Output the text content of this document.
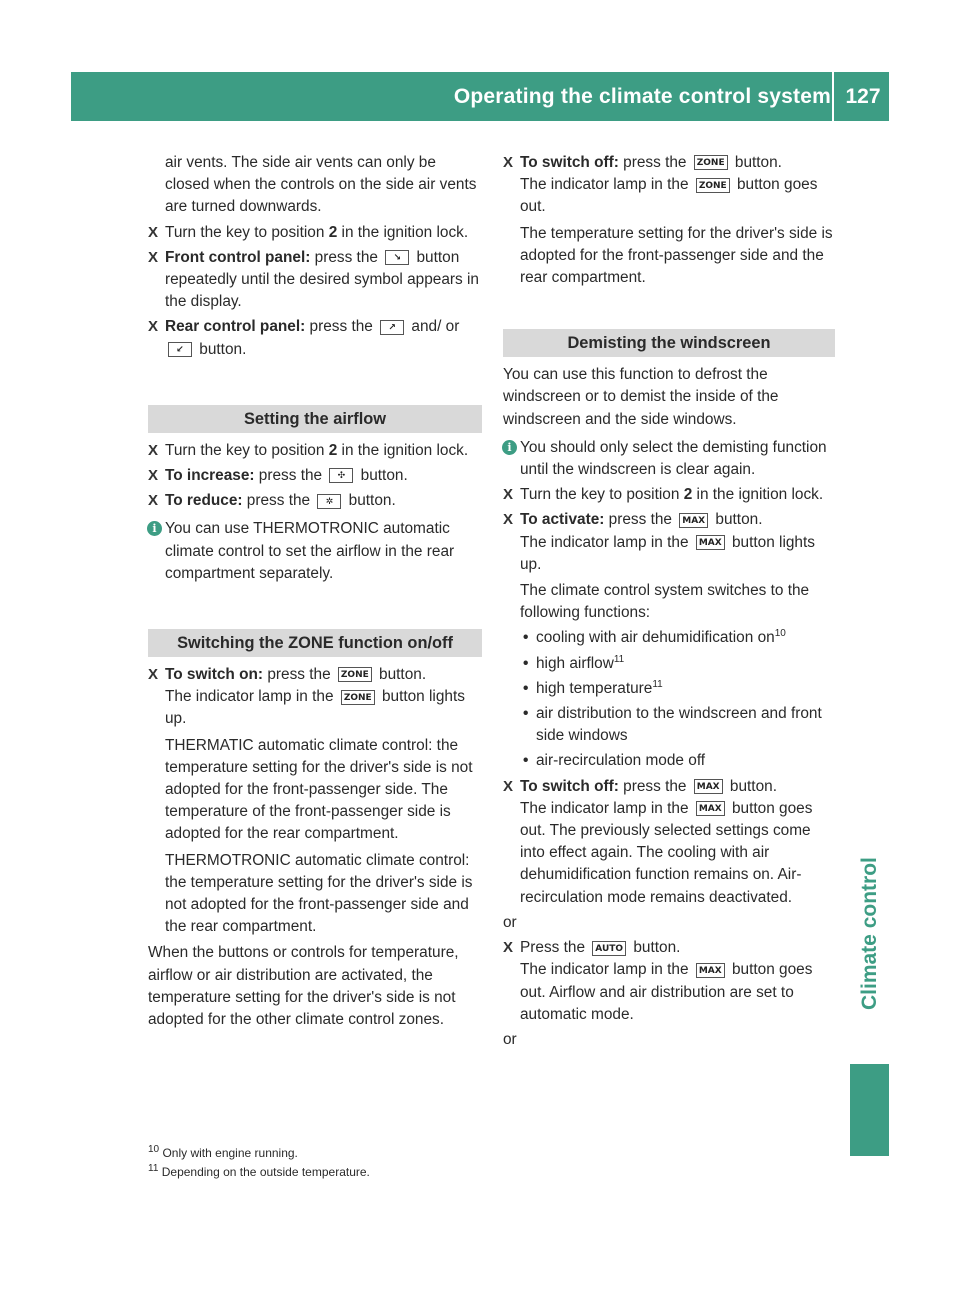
Operating the climate control system 127
Climate control

air vents. The side air vents can only be closed when the controls on the side air vents are turned downwards.

X Turn the key to position 2 in the ignition lock.

X Front control panel: press the ↘ button repeatedly until the desired symbol appears in the display.

X Rear control panel: press the ↗ and/ or ↙ button.

Setting the airflow

X Turn the key to position 2 in the ignition lock.

X To increase: press the ✣ button.

X To reduce: press the ✲ button.

i You can use THERMOTRONIC automatic climate control to set the airflow in the rear compartment separately.

Switching the ZONE function on/off

X To switch on: press the ZONE button.

The indicator lamp in the ZONE button lights up.

THERMATIC automatic climate control: the temperature setting for the driver's side is not adopted for the front-passenger side. The temperature of the front-passenger side is adopted for the rear compartment.

THERMOTRONIC automatic climate control: the temperature setting for the driver's side is not adopted for the front-passenger side and the rear compartment.

When the buttons or controls for temperature, airflow or air distribution are activated, the temperature setting for the driver's side is not adopted for the other climate control zones.

X To switch off: press the ZONE button.

The indicator lamp in the ZONE button goes out.

The temperature setting for the driver's side is adopted for the front-passenger side and the rear compartment.

Demisting the windscreen

You can use this function to defrost the windscreen or to demist the inside of the windscreen and the side windows.

i You should only select the demisting function until the windscreen is clear again.

X Turn the key to position 2 in the ignition lock.

X To activate: press the MAX button.

The indicator lamp in the MAX button lights up.

The climate control system switches to the following functions:

• cooling with air dehumidification $on^{10}$

• high airflow$^{11}$

• high temperature$^{11}$

• air distribution to the windscreen and front side windows

• air-recirculation mode off

X To switch off: press the MAX button.

The indicator lamp in the MAX button goes out. The previously selected settings come into effect again. The cooling with air dehumidification function remains on. Air-recirculation mode remains deactivated.

or

X Press the AUTO button.

The indicator lamp in the MAX button goes out. Airflow and air distribution are set to automatic mode.

or

$^{10}$ Only with engine running.
$^{11}$ Depending on the outside temperature.
